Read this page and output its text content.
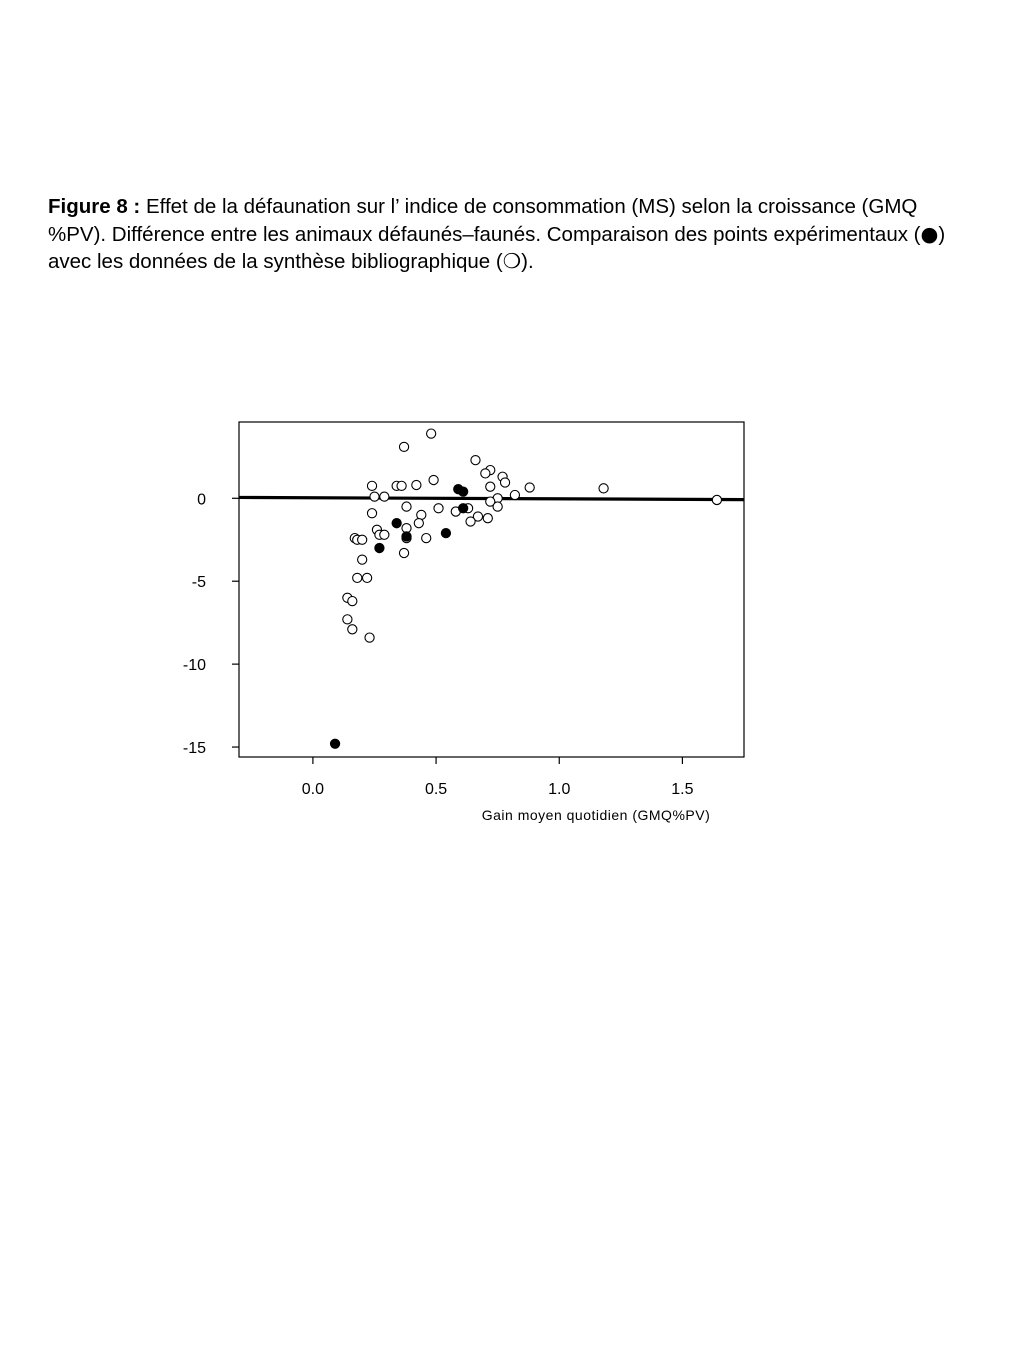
Figure 8 : Effet de la défaunation sur l’ indice de consommation (MS) selon la croissance (GMQ %PV). Différence entre les animaux défaunés–faunés. Comparaison des points expérimentaux (●) avec les données de la synthèse bibliographique (❍).
0
-5
-10
-15
0.0	0.5	1.0	1.5
Gain moyen quotidien (GMQ%PV)
